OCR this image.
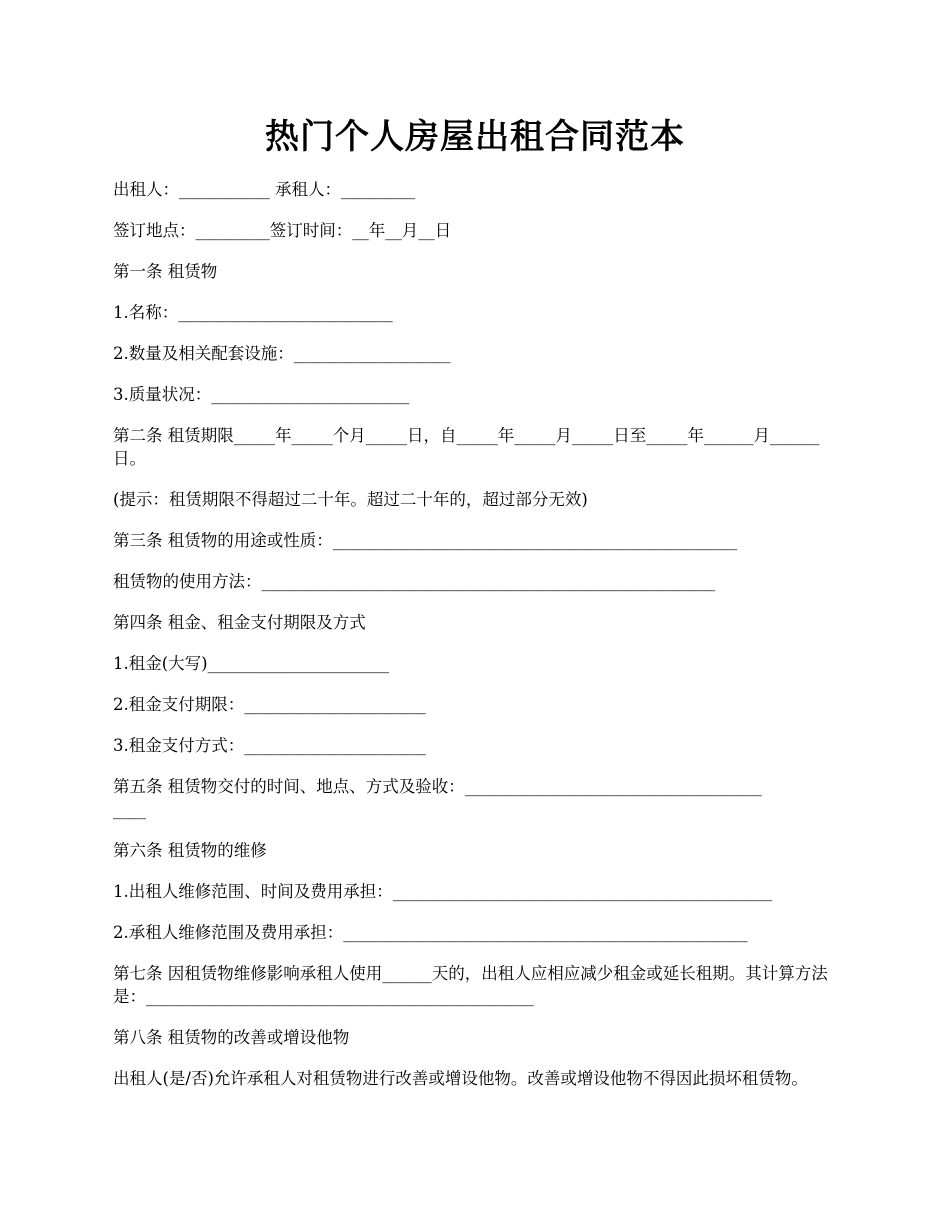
热门个人房屋出租合同范本

出租人：___________ 承租人：_________

签订地点：_________签订时间：__年__月__日

第一条 租赁物

1.名称：__________________________

2.数量及相关配套设施：___________________

3.质量状况：________________________

第二条 租赁期限_____年_____个月_____日，自_____年_____月_____日至_____年______月______日。

(提示：租赁期限不得超过二十年。超过二十年的，超过部分无效)

第三条 租赁物的用途或性质：_________________________________________________

租赁物的使用方法：_______________________________________________________

第四条 租金、租金支付期限及方式

1.租金(大写)______________________

2.租金支付期限：______________________

3.租金支付方式：______________________

第五条 租赁物交付的时间、地点、方式及验收：____________________________________
____

第六条 租赁物的维修

1.出租人维修范围、时间及费用承担：______________________________________________

2.承租人维修范围及费用承担：_________________________________________________

第七条 因租赁物维修影响承租人使用______天的，出租人应相应减少租金或延长租期。其计算方法是：_______________________________________________

第八条 租赁物的改善或增设他物

出租人(是/否)允许承租人对租赁物进行改善或增设他物。改善或增设他物不得因此损坏租赁物。
